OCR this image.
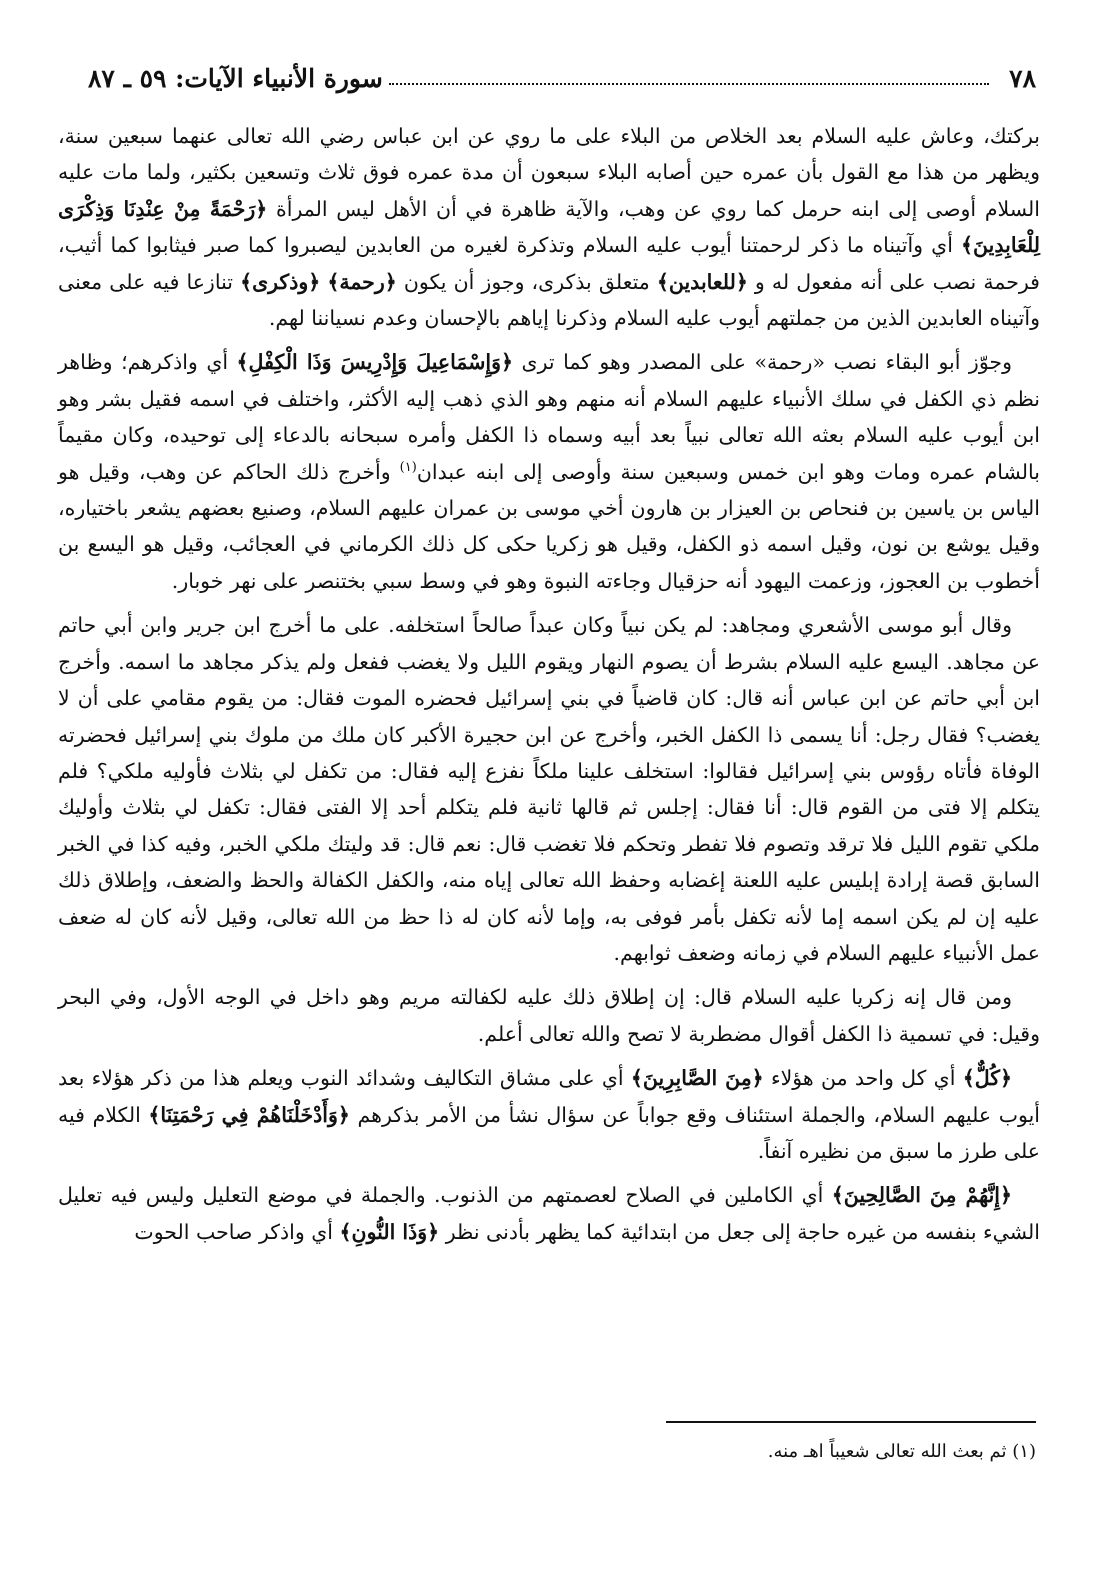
٧٨
سورة الأنبياء الآيات: ٥٩ ـ ٨٧

بركتك، وعاش عليه السلام بعد الخلاص من البلاء على ما روي عن ابن عباس رضي الله تعالى عنهما سبعين سنة، ويظهر من هذا مع القول بأن عمره حين أصابه البلاء سبعون أن مدة عمره فوق ثلاث وتسعين بكثير، ولما مات عليه السلام أوصى إلى ابنه حرمل كما روي عن وهب، والآية ظاهرة في أن الأهل ليس المرأة ﴿رَحْمَةً مِنْ عِنْدِنَا وَذِكْرَى لِلْعَابِدِينَ﴾ أي وآتيناه ما ذكر لرحمتنا أيوب عليه السلام وتذكرة لغيره من العابدين ليصبروا كما صبر فيثابوا كما أثيب، فرحمة نصب على أنه مفعول له و ﴿للعابدين﴾ متعلق بذكرى، وجوز أن يكون ﴿رحمة﴾ ﴿وذكرى﴾ تنازعا فيه على معنى وآتيناه العابدين الذين من جملتهم أيوب عليه السلام وذكرنا إياهم بالإحسان وعدم نسياننا لهم.

وجوّز أبو البقاء نصب «رحمة» على المصدر وهو كما ترى ﴿وَإِسْمَاعِيلَ وَإِدْرِيسَ وَذَا الْكِفْلِ﴾ أي واذكرهم؛ وظاهر نظم ذي الكفل في سلك الأنبياء عليهم السلام أنه منهم وهو الذي ذهب إليه الأكثر، واختلف في اسمه فقيل بشر وهو ابن أيوب عليه السلام بعثه الله تعالى نبياً بعد أبيه وسماه ذا الكفل وأمره سبحانه بالدعاء إلى توحيده، وكان مقيماً بالشام عمره ومات وهو ابن خمس وسبعين سنة وأوصى إلى ابنه عبدان$^{(١)}$ وأخرج ذلك الحاكم عن وهب، وقيل هو الياس بن ياسين بن فنحاص بن العيزار بن هارون أخي موسى بن عمران عليهم السلام، وصنيع بعضهم يشعر باختياره، وقيل يوشع بن نون، وقيل اسمه ذو الكفل، وقيل هو زكريا حكى كل ذلك الكرماني في العجائب، وقيل هو اليسع بن أخطوب بن العجوز، وزعمت اليهود أنه حزقيال وجاءته النبوة وهو في وسط سبي بختنصر على نهر خوبار.

وقال أبو موسى الأشعري ومجاهد: لم يكن نبياً وكان عبداً صالحاً استخلفه. على ما أخرج ابن جرير وابن أبي حاتم عن مجاهد. اليسع عليه السلام بشرط أن يصوم النهار ويقوم الليل ولا يغضب ففعل ولم يذكر مجاهد ما اسمه. وأخرج ابن أبي حاتم عن ابن عباس أنه قال: كان قاضياً في بني إسرائيل فحضره الموت فقال: من يقوم مقامي على أن لا يغضب؟ فقال رجل: أنا يسمى ذا الكفل الخبر، وأخرج عن ابن حجيرة الأكبر كان ملك من ملوك بني إسرائيل فحضرته الوفاة فأتاه رؤوس بني إسرائيل فقالوا: استخلف علينا ملكاً نفزع إليه فقال: من تكفل لي بثلاث فأوليه ملكي؟ فلم يتكلم إلا فتى من القوم قال: أنا فقال: إجلس ثم قالها ثانية فلم يتكلم أحد إلا الفتى فقال: تكفل لي بثلاث وأوليك ملكي تقوم الليل فلا ترقد وتصوم فلا تفطر وتحكم فلا تغضب قال: نعم قال: قد وليتك ملكي الخبر، وفيه كذا في الخبر السابق قصة إرادة إبليس عليه اللعنة إغضابه وحفظ الله تعالى إياه منه، والكفل الكفالة والحظ والضعف، وإطلاق ذلك عليه إن لم يكن اسمه إما لأنه تكفل بأمر فوفى به، وإما لأنه كان له ذا حظ من الله تعالى، وقيل لأنه كان له ضعف عمل الأنبياء عليهم السلام في زمانه وضعف ثوابهم.

ومن قال إنه زكريا عليه السلام قال: إن إطلاق ذلك عليه لكفالته مريم وهو داخل في الوجه الأول، وفي البحر وقيل: في تسمية ذا الكفل أقوال مضطربة لا تصح والله تعالى أعلم.

﴿كُلٌّ﴾ أي كل واحد من هؤلاء ﴿مِنَ الصَّابِرِينَ﴾ أي على مشاق التكاليف وشدائد النوب ويعلم هذا من ذكر هؤلاء بعد أيوب عليهم السلام، والجملة استئناف وقع جواباً عن سؤال نشأ من الأمر بذكرهم ﴿وَأَدْخَلْنَاهُمْ فِي رَحْمَتِنَا﴾ الكلام فيه على طرز ما سبق من نظيره آنفاً.

﴿إِنَّهُمْ مِنَ الصَّالِحِينَ﴾ أي الكاملين في الصلاح لعصمتهم من الذنوب. والجملة في موضع التعليل وليس فيه تعليل الشيء بنفسه من غيره حاجة إلى جعل من ابتدائية كما يظهر بأدنى نظر ﴿وَذَا النُّونِ﴾ أي واذكر صاحب الحوت

(١) ثم بعث الله تعالى شعيباً اهـ منه.
